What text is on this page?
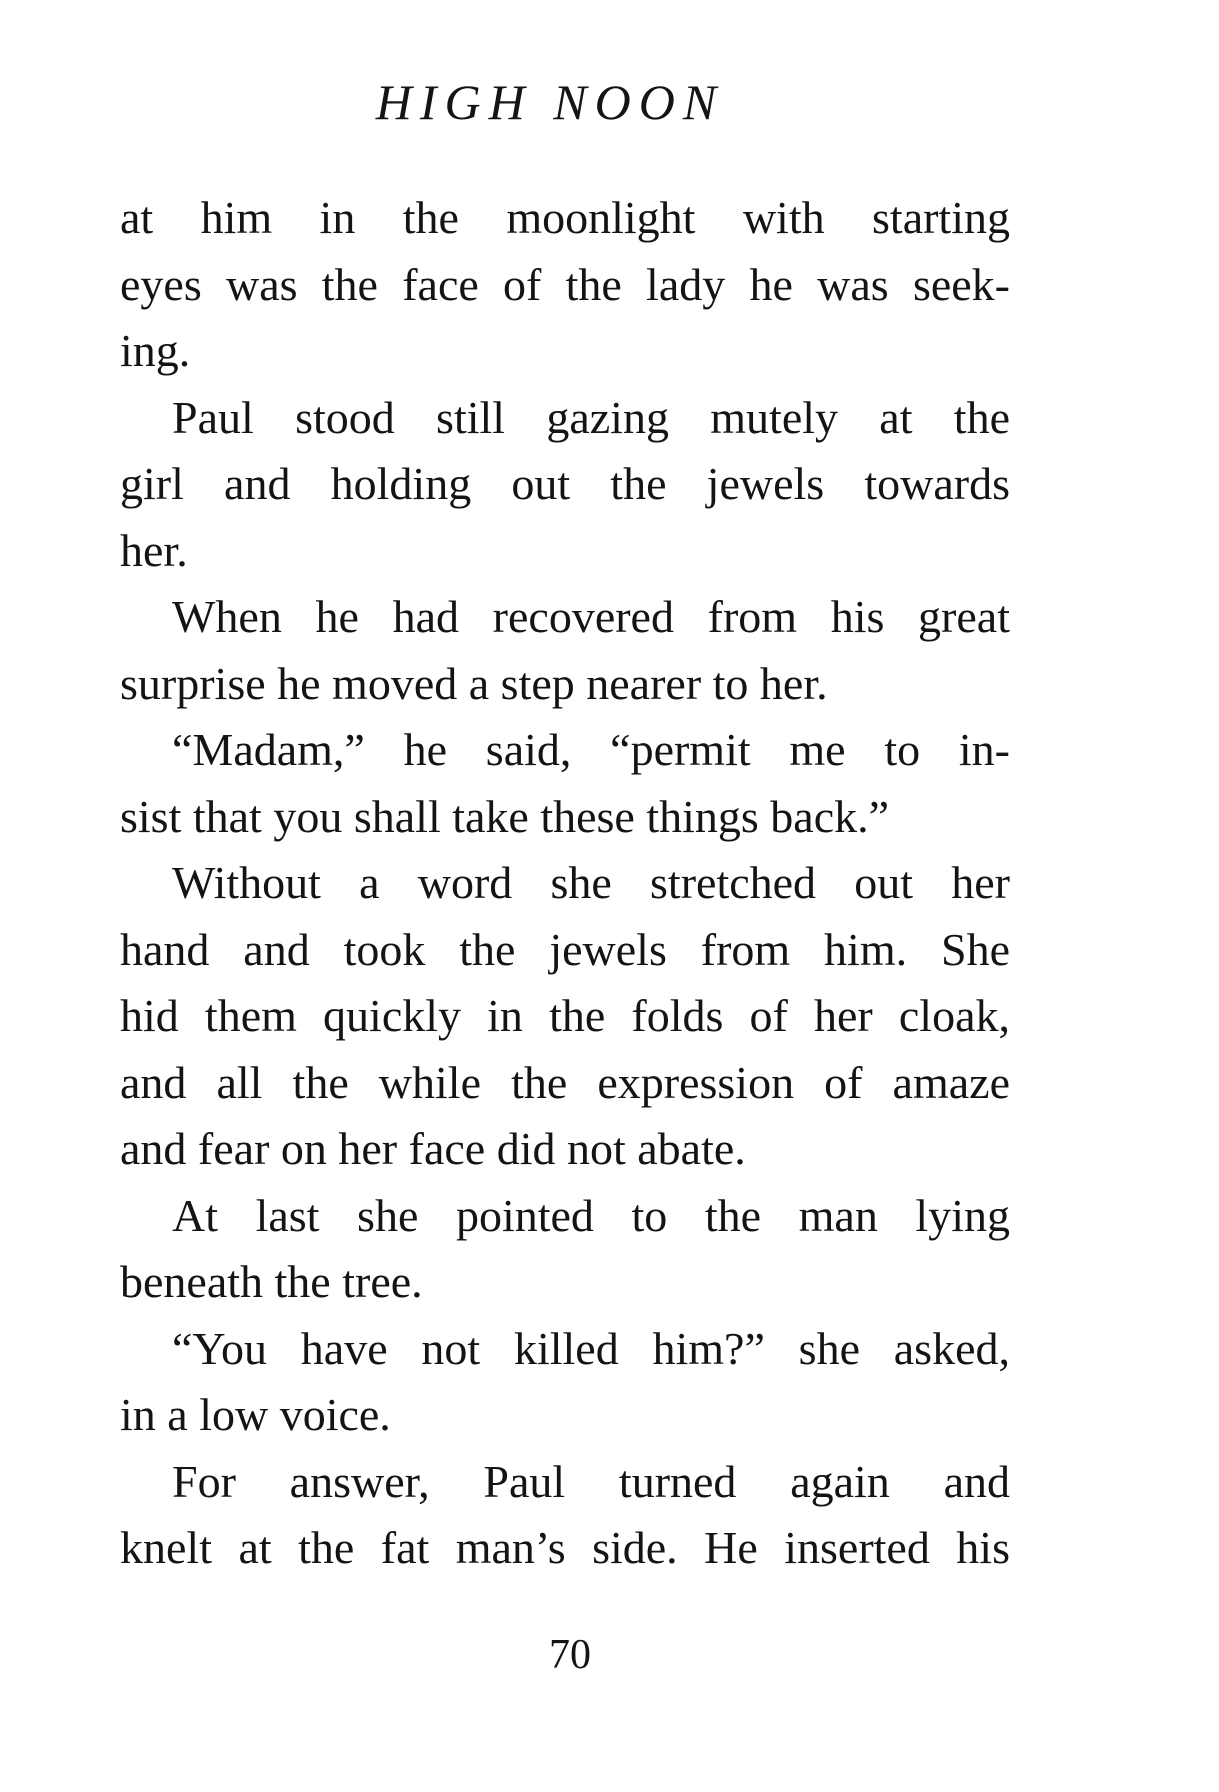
HIGH NOON
at him in the moonlight with starting
eyes was the face of the lady he was seek-
ing.
Paul stood still gazing mutely at the
girl and holding out the jewels towards
her.
When he had recovered from his great
surprise he moved a step nearer to her.
“Madam,” he said, “permit me to in-
sist that you shall take these things back.”
Without a word she stretched out her
hand and took the jewels from him. She
hid them quickly in the folds of her cloak,
and all the while the expression of amaze
and fear on her face did not abate.
At last she pointed to the man lying
beneath the tree.
“You have not killed him?” she asked,
in a low voice.
For answer, Paul turned again and
knelt at the fat man’s side. He inserted his
70
